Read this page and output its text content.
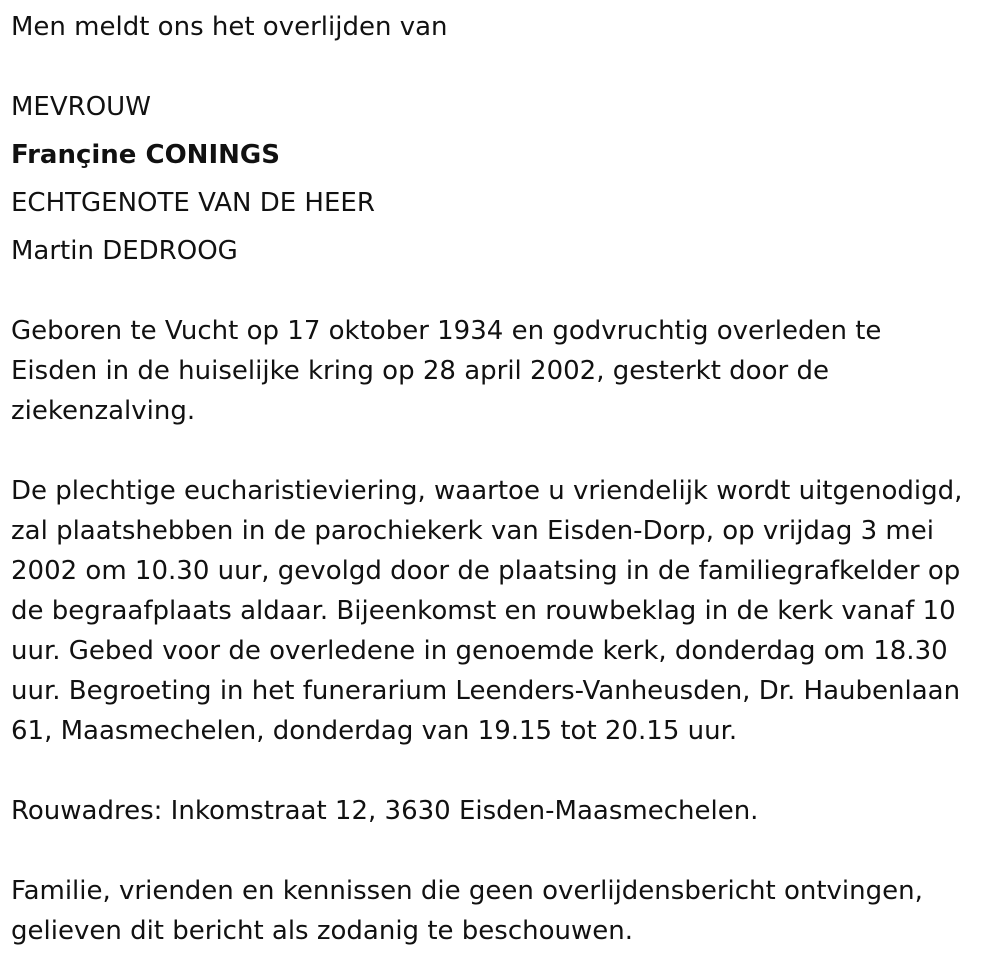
Men meldt ons het overlijden van
MEVROUW
Françine CONINGS
ECHTGENOTE VAN DE HEER
Martin DEDROOG
Geboren te Vucht op 17 oktober 1934 en godvruchtig overleden te
Eisden in de huiselijke kring op 28 april 2002, gesterkt door de
ziekenzalving.
De plechtige eucharistieviering, waartoe u vriendelijk wordt uitgenodigd,
zal plaatshebben in de parochiekerk van Eisden-Dorp, op vrijdag 3 mei
2002 om 10.30 uur, gevolgd door de plaatsing in de familiegrafkelder op
de begraafplaats aldaar. Bijeenkomst en rouwbeklag in de kerk vanaf 10
uur. Gebed voor de overledene in genoemde kerk, donderdag om 18.30
uur. Begroeting in het funerarium Leenders-Vanheusden, Dr. Haubenlaan
61, Maasmechelen, donderdag van 19.15 tot 20.15 uur.
Rouwadres: Inkomstraat 12, 3630 Eisden-Maasmechelen.
Familie, vrienden en kennissen die geen overlijdensbericht ontvingen,
gelieven dit bericht als zodanig te beschouwen.
